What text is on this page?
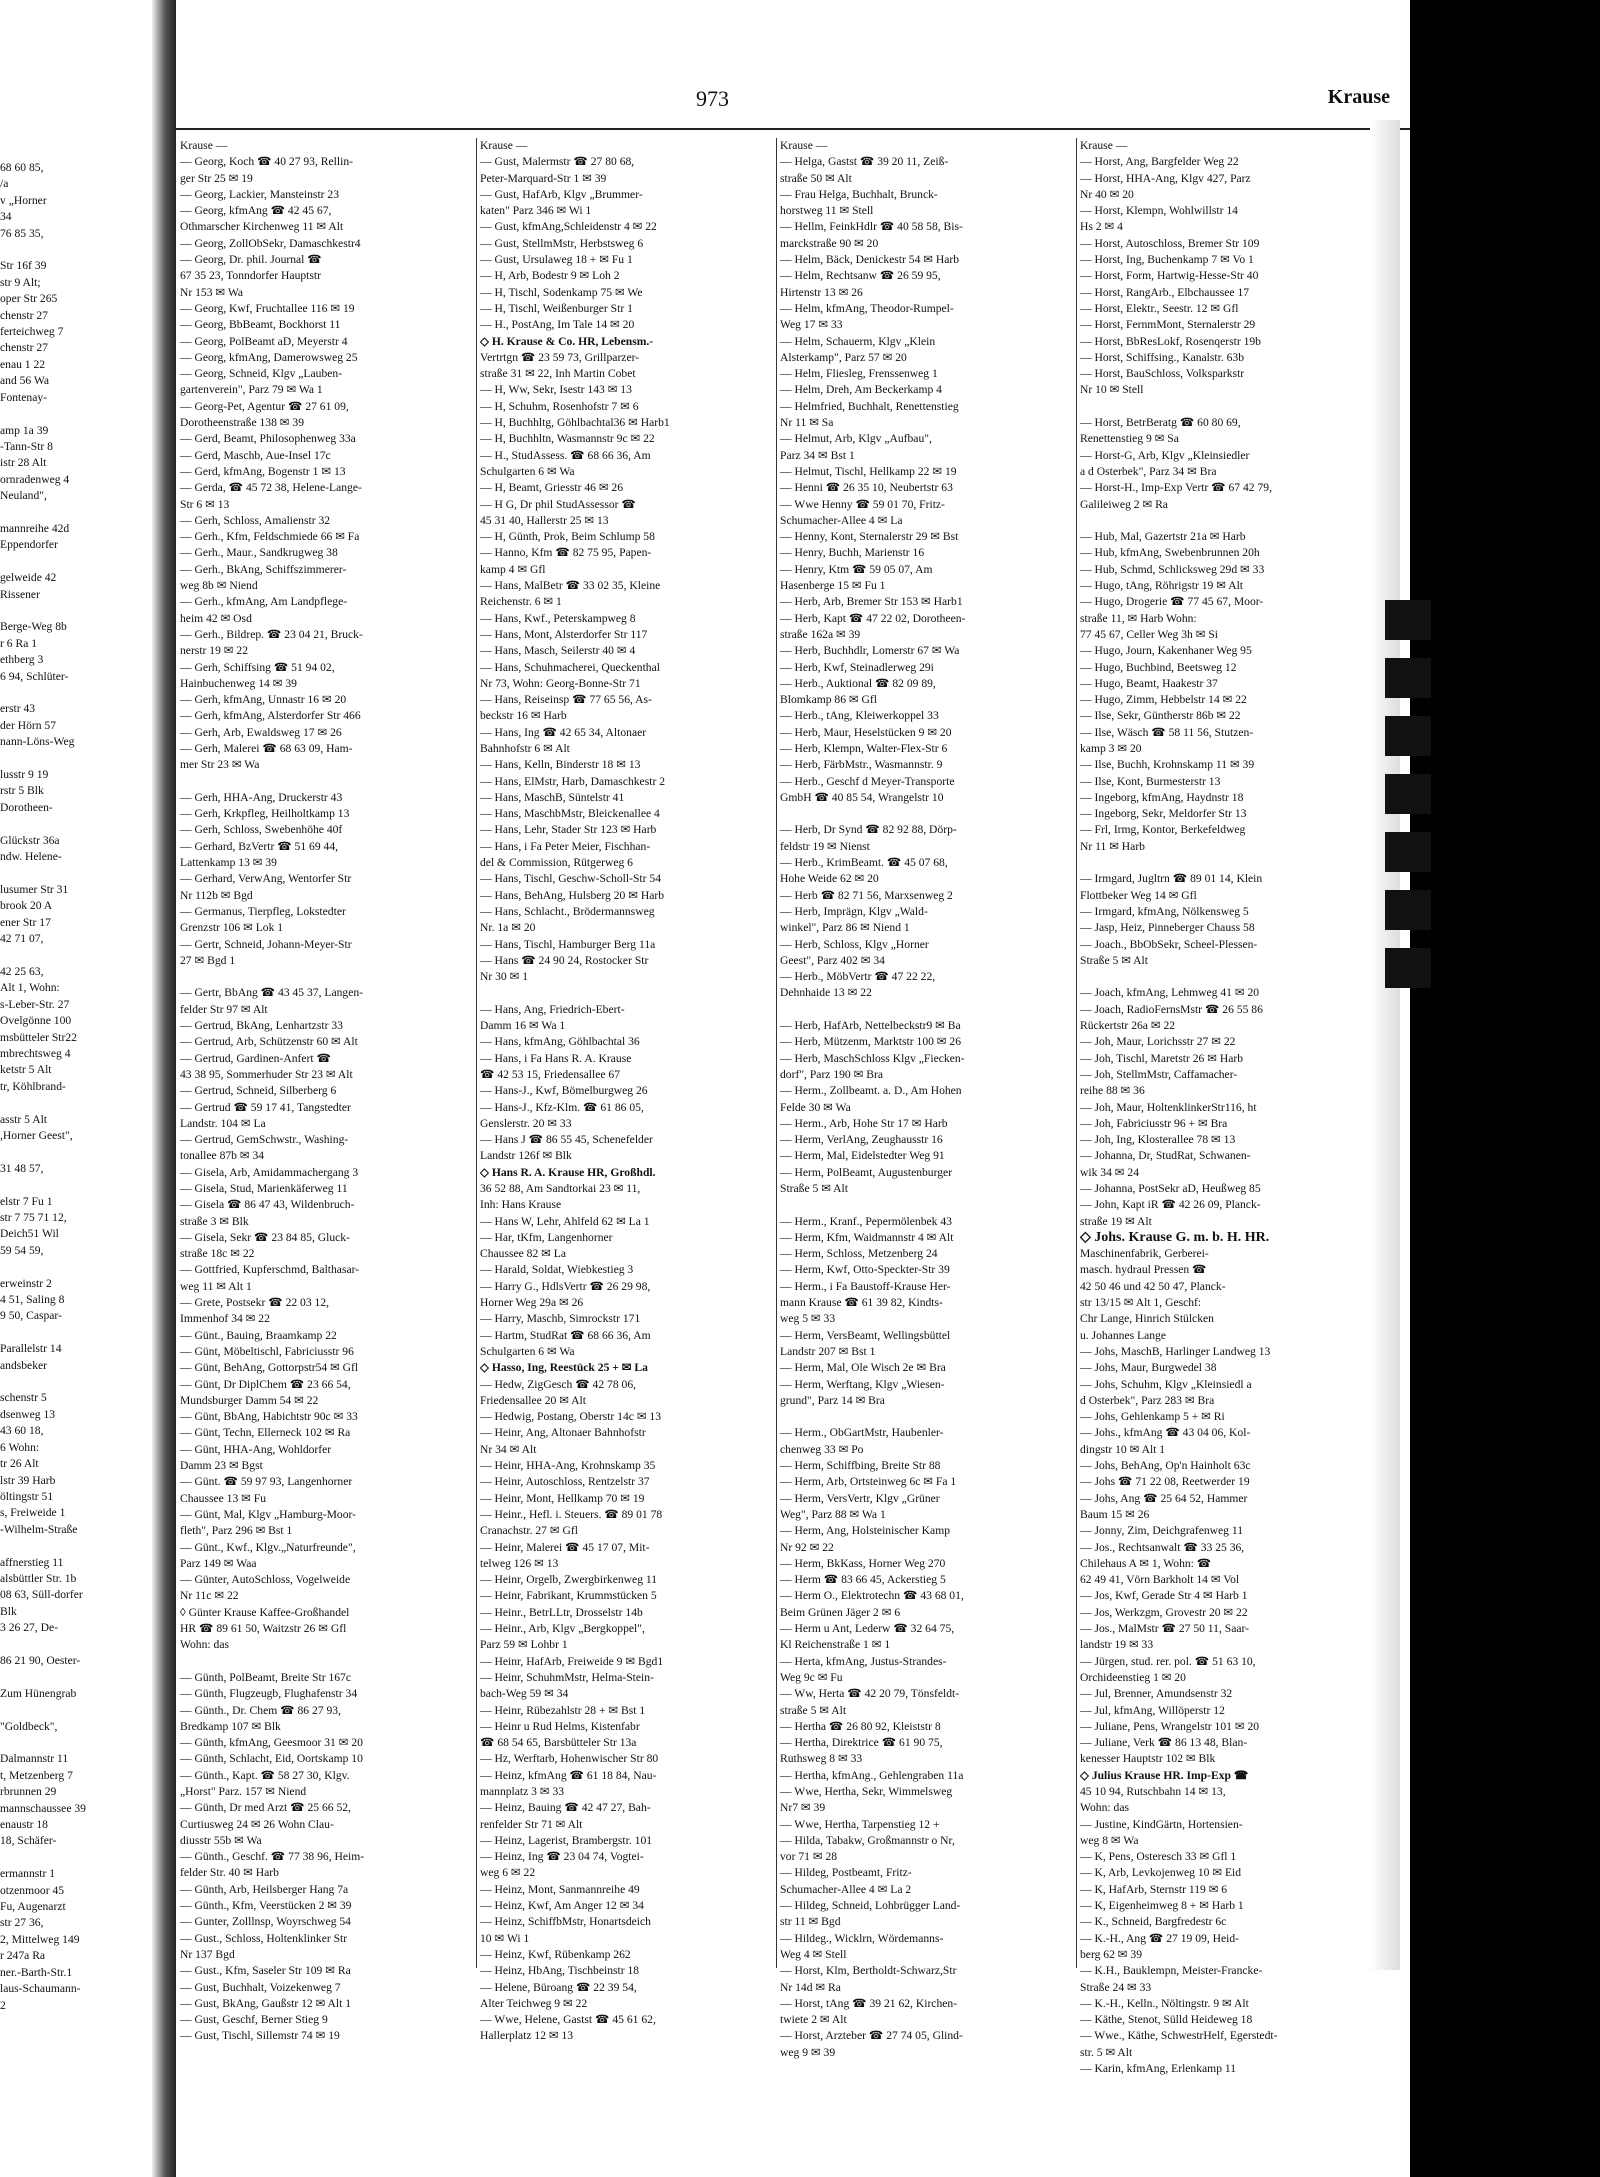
68 60 85,
/a
v „Horner
34
76 85 35,

Str 16f 39
str 9 Alt;
oper Str 265
chenstr 27
ferteichweg 7
chenstr 27
enau 1 22
and 56 Wa
Fontenay-

amp 1a 39
-Tann-Str 8
istr 28 Alt
ornradenweg 4
Neuland",

mannreihe 42d
Eppendorfer

gelweide 42
Rissener

Berge-Weg 8b
r 6 Ra 1
ethberg 3
6 94, Schlüter-

erstr 43
der Hörn 57
nann-Löns-Weg

lusstr 9 19
rstr 5 Blk
Dorotheen-

Glückstr 36a
ndw. Helene-

lusumer Str 31
brook 20 A
ener Str 17
42 71 07,

42 25 63,
Alt 1, Wohn:
s-Leber-Str. 27
Ovelgönne 100
msbütteler Str22
mbrechtsweg 4
ketstr 5 Alt
tr, Köhlbrand-

asstr 5 Alt
,Horner Geest",

31 48 57,

elstr 7 Fu 1
str 7 75 71 12,
Deich51 Wil
59 54 59,

erweinstr 2
4 51, Saling 8
9 50, Caspar-

Parallelstr 14
andsbeker

schenstr 5
dsenweg 13
43 60 18,
6 Wohn:
tr 26 Alt
lstr 39 Harb
öltingstr 51
s, Freiweide 1
-Wilhelm-Straße

affnerstieg 11
alsbüttler Str. 1b
08 63, Süll-dorfer
Blk
3 26 27, De-

86 21 90, Oester-

Zum Hünengrab

"Goldbeck",

Dalmannstr 11
t, Metzenberg 7
rbrunnen 29
mannschaussee 39
enaustr 18
18, Schäfer-

ermannstr 1
otzenmoor 45
Fu, Augenarzt
str 27 36,
2, Mittelweg 149
r 247a Ra
ner.-Barth-Str.1
laus-Schaumann-
2
973	Krause
Krause —
— Georg, Koch ☎ 40 27 93, Rellin-
ger Str 25 ✉ 19
— Georg, Lackier, Mansteinstr 23
— Georg, kfmAng ☎ 42 45 67,
Othmarscher Kirchenweg 11 ✉ Alt
— Georg, ZollObSekr, Damaschkestr4
— Georg, Dr. phil. Journal ☎
67 35 23, Tonndorfer Hauptstr
Nr 153 ✉ Wa
— Georg, Kwf, Fruchtallee 116 ✉ 19
— Georg, BbBeamt, Bockhorst 11
— Georg, PolBeamt aD, Meyerstr 4
— Georg, kfmAng, Damerowsweg 25
— Georg, Schneid, Klgv „Lauben-
gartenverein", Parz 79 ✉ Wa 1
— Georg-Pet, Agentur ☎ 27 61 09,
Dorotheenstraße 138 ✉ 39
— Gerd, Beamt, Philosophenweg 33a
— Gerd, Maschb, Aue-Insel 17c
— Gerd, kfmAng, Bogenstr 1 ✉ 13
— Gerda, ☎ 45 72 38, Helene-Lange-
Str 6 ✉ 13
— Gerh, Schloss, Amalienstr 32
— Gerh., Kfm, Feldschmiede 66 ✉ Fa
— Gerh., Maur., Sandkrugweg 38
— Gerh., BkAng, Schiffszimmerer-
weg 8b ✉ Niend
— Gerh., kfmAng, Am Landpflege-
heim 42 ✉ Osd
— Gerh., Bildrep. ☎ 23 04 21, Bruck-
nerstr 19 ✉ 22
— Gerh, Schiffsing ☎ 51 94 02,
Hainbuchenweg 14 ✉ 39
— Gerh, kfmAng, Unnastr 16 ✉ 20
— Gerh, kfmAng, Alsterdorfer Str 466
— Gerh, Arb, Ewaldsweg 17 ✉ 26
— Gerh, Malerei ☎ 68 63 09, Ham-
mer Str 23 ✉ Wa

— Gerh, HHA-Ang, Druckerstr 43
— Gerh, Krkpfleg, Heilholtkamp 13
— Gerh, Schloss, Swebenhöhe 40f
— Gerhard, BzVertr ☎ 51 69 44,
Lattenkamp 13 ✉ 39
— Gerhard, VerwAng, Wentorfer Str
Nr 112b ✉ Bgd
— Germanus, Tierpfleg, Lokstedter
Grenzstr 106 ✉ Lok 1
— Gertr, Schneid, Johann-Meyer-Str
27 ✉ Bgd 1

— Gertr, BbAng ☎ 43 45 37, Langen-
felder Str 97 ✉ Alt
— Gertrud, BkAng, Lenhartzstr 33
— Gertrud, Arb, Schützenstr 60 ✉ Alt
— Gertrud, Gardinen-Anfert ☎
43 38 95, Sommerhuder Str 23 ✉ Alt
— Gertrud, Schneid, Silberberg 6
— Gertrud ☎ 59 17 41, Tangstedter
Landstr. 104 ✉ La
— Gertrud, GemSchwstr., Washing-
tonallee 87b ✉ 34
— Gisela, Arb, Amidammachergang 3
— Gisela, Stud, Marienkäferweg 11
— Gisela ☎ 86 47 43, Wildenbruch-
straße 3 ✉ Blk
— Gisela, Sekr ☎ 23 84 85, Gluck-
straße 18c ✉ 22
— Gottfried, Kupferschmd, Balthasar-
weg 11 ✉ Alt 1
— Grete, Postsekr ☎ 22 03 12,
Immenhof 34 ✉ 22
— Günt., Bauing, Braamkamp 22
— Günt, Möbeltischl, Fabriciusstr 96
— Günt, BehAng, Gottorpstr54 ✉ Gfl
— Günt, Dr DiplChem ☎ 23 66 54,
Mundsburger Damm 54 ✉ 22
— Günt, BbAng, Habichtstr 90c ✉ 33
— Günt, Techn, Ellerneck 102 ✉ Ra
— Günt, HHA-Ang, Wohldorfer
Damm 23 ✉ Bgst
— Günt. ☎ 59 97 93, Langenhorner
Chaussee 13 ✉ Fu
— Günt, Mal, Klgv „Hamburg-Moor-
fleth", Parz 296 ✉ Bst 1
— Günt., Kwf., Klgv.„Naturfreunde",
Parz 149 ✉ Waa
— Günter, AutoSchloss, Vogelweide
Nr 11c ✉ 22
◊ Günter Krause Kaffee-Großhandel
HR ☎ 89 61 50, Waitzstr 26 ✉ Gfl
Wohn: das

— Günth, PolBeamt, Breite Str 167c
— Günth, Flugzeugb, Flughafenstr 34
— Günth., Dr. Chem ☎ 86 27 93,
Bredkamp 107 ✉ Blk
— Günth, kfmAng, Geesmoor 31 ✉ 20
— Günth, Schlacht, Eid, Oortskamp 10
— Günth., Kapt. ☎ 58 27 30, Klgv.
„Horst" Parz. 157 ✉ Niend
— Günth, Dr med Arzt ☎ 25 66 52,
Curtiusweg 24 ✉ 26 Wohn Clau-
diusstr 55b ✉ Wa
— Günth., Geschf. ☎ 77 38 96, Heim-
felder Str. 40 ✉ Harb
— Günth, Arb, Heilsberger Hang 7a
— Günth., Kfm, Veerstücken 2 ✉ 39
— Gunter, Zolllnsp, Woyrschweg 54
— Gust., Schloss, Holtenklinker Str
Nr 137 Bgd
— Gust., Kfm, Saseler Str 109 ✉ Ra
— Gust, Buchhalt, Voizekenweg 7
— Gust, BkAng, Gaußstr 12 ✉ Alt 1
— Gust, Geschf, Berner Stieg 9
— Gust, Tischl, Sillemstr 74 ✉ 19
Krause —
— Gust, Malermstr ☎ 27 80 68,
Peter-Marquard-Str 1 ✉ 39
— Gust, HafArb, Klgv „Brummer-
katen" Parz 346 ✉ Wi 1
— Gust, kfmAng,Schleidenstr 4 ✉ 22
— Gust, StellmMstr, Herbstsweg 6
— Gust, Ursulaweg 18 + ✉ Fu 1
— H, Arb, Bodestr 9 ✉ Loh 2
— H, Tischl, Sodenkamp 75 ✉ We
— H, Tischl, Weißenburger Str 1
— H., PostAng, Im Tale 14 ✉ 20
◇ H. Krause & Co. HR, Lebensm.-
Vertrtgn ☎ 23 59 73, Grillparzer-
straße 31 ✉ 22, Inh Martin Cobet
— H, Ww, Sekr, Isestr 143 ✉ 13
— H, Schuhm, Rosenhofstr 7 ✉ 6
— H, Buchhltg, Göhlbachtal36 ✉ Harb1
— H, Buchhltn, Wasmannstr 9c ✉ 22
— H., StudAssess. ☎ 68 66 36, Am
Schulgarten 6 ✉ Wa
— H, Beamt, Griesstr 46 ✉ 26
— H G, Dr phil StudAssessor ☎
45 31 40, Hallerstr 25 ✉ 13
— H, Günth, Prok, Beim Schlump 58
— Hanno, Kfm ☎ 82 75 95, Papen-
kamp 4 ✉ Gfl
— Hans, MalBetr ☎ 33 02 35, Kleine
Reichenstr. 6 ✉ 1
— Hans, Kwf., Peterskampweg 8
— Hans, Mont, Alsterdorfer Str 117
— Hans, Masch, Seilerstr 40 ✉ 4
— Hans, Schuhmacherei, Queckenthal
Nr 73, Wohn: Georg-Bonne-Str 71
— Hans, Reiseinsp ☎ 77 65 56, As-
beckstr 16 ✉ Harb
— Hans, Ing ☎ 42 65 34, Altonaer
Bahnhofstr 6 ✉ Alt
— Hans, Kelln, Binderstr 18 ✉ 13
— Hans, ElMstr, Harb, Damaschkestr 2
— Hans, MaschB, Süntelstr 41
— Hans, MaschbMstr, Bleickenallee 4
— Hans, Lehr, Stader Str 123 ✉ Harb
— Hans, i Fa Peter Meier, Fischhan-
del & Commission, Rütgerweg 6
— Hans, Tischl, Geschw-Scholl-Str 54
— Hans, BehAng, Hulsberg 20 ✉ Harb
— Hans, Schlacht., Brödermannsweg
Nr. 1a ✉ 20
— Hans, Tischl, Hamburger Berg 11a
— Hans ☎ 24 90 24, Rostocker Str
Nr 30 ✉ 1

— Hans, Ang, Friedrich-Ebert-
Damm 16 ✉ Wa 1
— Hans, kfmAng, Göhlbachtal 36
— Hans, i Fa Hans R. A. Krause
☎ 42 53 15, Friedensallee 67
— Hans-J., Kwf, Bömelburgweg 26
— Hans-J., Kfz-Klm. ☎ 61 86 05,
Genslerstr. 20 ✉ 33
— Hans J ☎ 86 55 45, Schenefelder
Landstr 126f ✉ Blk
◇ Hans R. A. Krause HR, Großhdl.
36 52 88, Am Sandtorkai 23 ✉ 11,
Inh: Hans Krause
— Hans W, Lehr, Ahlfeld 62 ✉ La 1
— Har, tKfm, Langenhorner
Chaussee 82 ✉ La
— Harald, Soldat, Wiebkestieg 3
— Harry G., HdlsVertr ☎ 26 29 98,
Horner Weg 29a ✉ 26
— Harry, Maschb, Simrockstr 171
— Hartm, StudRat ☎ 68 66 36, Am
Schulgarten 6 ✉ Wa
◇ Hasso, Ing, Reestück 25 + ✉ La
— Hedw, ZigGesch ☎ 42 78 06,
Friedensallee 20 ✉ Alt
— Hedwig, Postang, Oberstr 14c ✉ 13
— Heinr, Ang, Altonaer Bahnhofstr
Nr 34 ✉ Alt
— Heinr, HHA-Ang, Krohnskamp 35
— Heinr, Autoschloss, Rentzelstr 37
— Heinr, Mont, Hellkamp 70 ✉ 19
— Heinr., Hefl. i. Steuers. ☎ 89 01 78
Cranachstr. 27 ✉ Gfl
— Heinr, Malerei ☎ 45 17 07, Mit-
telweg 126 ✉ 13
— Heinr, Orgelb, Zwergbirkenweg 11
— Heinr, Fabrikant, Krummstücken 5
— Heinr., BetrLLtr, Drosselstr 14b
— Heinr., Arb, Klgv „Bergkoppel",
Parz 59 ✉ Lohbr 1
— Heinr, HafArb, Freiweide 9 ✉ Bgd1
— Heinr, SchuhmMstr, Helma-Stein-
bach-Weg 59 ✉ 34
— Heinr, Rübezahlstr 28 + ✉ Bst 1
— Heinr u Rud Helms, Kistenfabr
☎ 68 54 65, Barsbütteler Str 13a
— Hz, Werftarb, Hohenwischer Str 80
— Heinz, kfmAng ☎ 61 18 84, Nau-
mannplatz 3 ✉ 33
— Heinz, Bauing ☎ 42 47 27, Bah-
renfelder Str 71 ✉ Alt
— Heinz, Lagerist, Brambergstr. 101
— Heinz, Ing ☎ 23 04 74, Vogtei-
weg 6 ✉ 22
— Heinz, Mont, Sanmannreihe 49
— Heinz, Kwf, Am Anger 12 ✉ 34
— Heinz, SchiffbMstr, Honartsdeich
10 ✉ Wi 1
— Heinz, Kwf, Rübenkamp 262
— Heinz, HbAng, Tischbeinstr 18
— Helene, Büroang ☎ 22 39 54,
Alter Teichweg 9 ✉ 22
— Wwe, Helene, Gastst ☎ 45 61 62,
Hallerplatz 12 ✉ 13
Krause —
— Helga, Gastst ☎ 39 20 11, Zeiß-
straße 50 ✉ Alt
— Frau Helga, Buchhalt, Brunck-
horstweg 11 ✉ Stell
— Hellm, FeinkHdlr ☎ 40 58 58, Bis-
marckstraße 90 ✉ 20
— Helm, Bäck, Denickestr 54 ✉ Harb
— Helm, Rechtsanw ☎ 26 59 95,
Hirtenstr 13 ✉ 26
— Helm, kfmAng, Theodor-Rumpel-
Weg 17 ✉ 33
— Helm, Schauerm, Klgv „Klein
Alsterkamp", Parz 57 ✉ 20
— Helm, Fliesleg, Frenssenweg 1
— Helm, Dreh, Am Beckerkamp 4
— Helmfried, Buchhalt, Renettenstieg
Nr 11 ✉ Sa
— Helmut, Arb, Klgv „Aufbau",
Parz 34 ✉ Bst 1
— Helmut, Tischl, Hellkamp 22 ✉ 19
— Henni ☎ 26 35 10, Neubertstr 63
— Wwe Henny ☎ 59 01 70, Fritz-
Schumacher-Allee 4 ✉ La
— Henny, Kont, Sternalerstr 29 ✉ Bst
— Henry, Buchh, Marienstr 16
— Henry, Ktm ☎ 59 05 07, Am
Hasenberge 15 ✉ Fu 1
— Herb, Arb, Bremer Str 153 ✉ Harb1
— Herb, Kapt ☎ 47 22 02, Dorotheen-
straße 162a ✉ 39
— Herb, Buchhdlr, Lomerstr 67 ✉ Wa
— Herb, Kwf, Steinadlerweg 29i
— Herb., Auktional ☎ 82 09 89,
Blomkamp 86 ✉ Gfl
— Herb., tAng, Kleiwerkoppel 33
— Herb, Maur, Heselstücken 9 ✉ 20
— Herb, Klempn, Walter-Flex-Str 6
— Herb, FärbMstr., Wasmannstr. 9
— Herb., Geschf d Meyer-Transporte
GmbH ☎ 40 85 54, Wrangelstr 10

— Herb, Dr Synd ☎ 82 92 88, Dörp-
feldstr 19 ✉ Nienst
— Herb., KrimBeamt. ☎ 45 07 68,
Hohe Weide 62 ✉ 20
— Herb ☎ 82 71 56, Marxsenweg 2
— Herb, Imprägn, Klgv „Wald-
winkel", Parz 86 ✉ Niend 1
— Herb, Schloss, Klgv „Horner
Geest", Parz 402 ✉ 34
— Herb., MöbVertr ☎ 47 22 22,
Dehnhaide 13 ✉ 22

— Herb, HafArb, Nettelbeckstr9 ✉ Ba
— Herb, Mützenm, Marktstr 100 ✉ 26
— Herb, MaschSchloss Klgv „Fiecken-
dorf", Parz 190 ✉ Bra
— Herm., Zollbeamt. a. D., Am Hohen
Felde 30 ✉ Wa
— Herm., Arb, Hohe Str 17 ✉ Harb
— Herm, VerlAng, Zeughausstr 16
— Herm, Mal, Eidelstedter Weg 91
— Herm, PolBeamt, Augustenburger
Straße 5 ✉ Alt

— Herm., Kranf., Pepermölenbek 43
— Herm, Kfm, Waidmannstr 4 ✉ Alt
— Herm, Schloss, Metzenberg 24
— Herm, Kwf, Otto-Speckter-Str 39
— Herm., i Fa Baustoff-Krause Her-
mann Krause ☎ 61 39 82, Kindts-
weg 5 ✉ 33
— Herm, VersBeamt, Wellingsbüttel
Landstr 207 ✉ Bst 1
— Herm, Mal, Ole Wisch 2e ✉ Bra
— Herm, Werftang, Klgv „Wiesen-
grund", Parz 14 ✉ Bra

— Herm., ObGartMstr, Haubenler-
chenweg 33 ✉ Po
— Herm, Schiffbing, Breite Str 88
— Herm, Arb, Ortsteinweg 6c ✉ Fa 1
— Herm, VersVertr, Klgv „Grüner
Weg", Parz 88 ✉ Wa 1
— Herm, Ang, Holsteinischer Kamp
Nr 92 ✉ 22
— Herm, BkKass, Horner Weg 270
— Herm ☎ 83 66 45, Ackerstieg 5
— Herm O., Elektrotechn ☎ 43 68 01,
Beim Grünen Jäger 2 ✉ 6
— Herm u Ant, Lederw ☎ 32 64 75,
Kl Reichenstraße 1 ✉ 1
— Herta, kfmAng, Justus-Strandes-
Weg 9c ✉ Fu
— Ww, Herta ☎ 42 20 79, Tönsfeldt-
straße 5 ✉ Alt
— Hertha ☎ 26 80 92, Kleiststr 8
— Hertha, Direktrice ☎ 61 90 75,
Ruthsweg 8 ✉ 33
— Hertha, kfmAng., Gehlengraben 11a
— Wwe, Hertha, Sekr, Wimmelsweg
Nr7 ✉ 39
— Wwe, Hertha, Tarpenstieg 12 +
— Hilda, Tabakw, Großmannstr o Nr,
vor 71 ✉ 28
— Hildeg, Postbeamt, Fritz-
Schumacher-Allee 4 ✉ La 2
— Hildeg, Schneid, Lohbrügger Land-
str 11 ✉ Bgd
— Hildeg., Wicklrn, Wördemanns-
Weg 4 ✉ Stell
— Horst, Klm, Bertholdt-Schwarz,Str
Nr 14d ✉ Ra
— Horst, tAng ☎ 39 21 62, Kirchen-
twiete 2 ✉ Alt
— Horst, Arzteber ☎ 27 74 05, Glind-
weg 9 ✉ 39
Krause —
— Horst, Ang, Bargfelder Weg 22
— Horst, HHA-Ang, Klgv 427, Parz
Nr 40 ✉ 20
— Horst, Klempn, Wohlwillstr 14
Hs 2 ✉ 4
— Horst, Autoschloss, Bremer Str 109
— Horst, Ing, Buchenkamp 7 ✉ Vo 1
— Horst, Form, Hartwig-Hesse-Str 40
— Horst, RangArb., Elbchaussee 17
— Horst, Elektr., Seestr. 12 ✉ Gfl
— Horst, FernmMont, Sternalerstr 29
— Horst, BbResLokf, Rosenqerstr 19b
— Horst, Schiffsing., Kanalstr. 63b
— Horst, BauSchloss, Volksparkstr
Nr 10 ✉ Stell

— Horst, BetrBeratg ☎ 60 80 69,
Renettenstieg 9 ✉ Sa
— Horst-G, Arb, Klgv „Kleinsiedler
a d Osterbek", Parz 34 ✉ Bra
— Horst-H., Imp-Exp Vertr ☎ 67 42 79,
Galileiweg 2 ✉ Ra

— Hub, Mal, Gazertstr 21a ✉ Harb
— Hub, kfmAng, Swebenbrunnen 20h
— Hub, Schmd, Schlicksweg 29d ✉ 33
— Hugo, tAng, Röhrigstr 19 ✉ Alt
— Hugo, Drogerie ☎ 77 45 67, Moor-
straße 11, ✉ Harb Wohn:
77 45 67, Celler Weg 3h ✉ Si
— Hugo, Journ, Kakenhaner Weg 95
— Hugo, Buchbind, Beetsweg 12
— Hugo, Beamt, Haakestr 37
— Hugo, Zimm, Hebbelstr 14 ✉ 22
— Ilse, Sekr, Güntherstr 86b ✉ 22
— Ilse, Wäsch ☎ 58 11 56, Stutzen-
kamp 3 ✉ 20
— Ilse, Buchh, Krohnskamp 11 ✉ 39
— Ilse, Kont, Burmesterstr 13
— Ingeborg, kfmAng, Haydnstr 18
— Ingeborg, Sekr, Meldorfer Str 13
— Frl, Irmg, Kontor, Berkefeldweg
Nr 11 ✉ Harb

— Irmgard, Jugltrn ☎ 89 01 14, Klein
Flottbeker Weg 14 ✉ Gfl
— Irmgard, kfmAng, Nölkensweg 5
— Jasp, Heiz, Pinneberger Chauss 58
— Joach., BbObSekr, Scheel-Plessen-
Straße 5 ✉ Alt

— Joach, kfmAng, Lehmweg 41 ✉ 20
— Joach, RadioFernsMstr ☎ 26 55 86
Rückertstr 26a ✉ 22
— Joh, Maur, Lorichsstr 27 ✉ 22
— Joh, Tischl, Maretstr 26 ✉ Harb
— Joh, StellmMstr, Caffamacher-
reihe 88 ✉ 36
— Joh, Maur, HoltenklinkerStr116, ht
— Joh, Fabriciusstr 96 + ✉ Bra
— Joh, Ing, Klosterallee 78 ✉ 13
— Johanna, Dr, StudRat, Schwanen-
wik 34 ✉ 24
— Johanna, PostSekr aD, Heußweg 85
— John, Kapt iR ☎ 42 26 09, Planck-
straße 19 ✉ Alt
◇ Johs. Krause G. m. b. H. HR.
Maschinenfabrik, Gerberei-
masch. hydraul Pressen ☎
42 50 46 und 42 50 47, Planck-
str 13/15 ✉ Alt 1, Geschf:
Chr Lange, Hinrich Stülcken
u. Johannes Lange
— Johs, MaschB, Harlinger Landweg 13
— Johs, Maur, Burgwedel 38
— Johs, Schuhm, Klgv „Kleinsiedl a
d Osterbek", Parz 283 ✉ Bra
— Johs, Gehlenkamp 5 + ✉ Ri
— Johs., kfmAng ☎ 43 04 06, Kol-
dingstr 10 ✉ Alt 1
— Johs, BehAng, Op'n Hainholt 63c
— Johs ☎ 71 22 08, Reetwerder 19
— Johs, Ang ☎ 25 64 52, Hammer
Baum 15 ✉ 26
— Jonny, Zim, Deichgrafenweg 11
— Jos., Rechtsanwalt ☎ 33 25 36,
Chilehaus A ✉ 1, Wohn: ☎
62 49 41, Vörn Barkholt 14 ✉ Vol
— Jos, Kwf, Gerade Str 4 ✉ Harb 1
— Jos, Werkzgm, Grovestr 20 ✉ 22
— Jos., MalMstr ☎ 27 50 11, Saar-
landstr 19 ✉ 33
— Jürgen, stud. rer. pol. ☎ 51 63 10,
Orchideenstieg 1 ✉ 20
— Jul, Brenner, Amundsenstr 32
— Jul, kfmAng, Willöperstr 12
— Juliane, Pens, Wrangelstr 101 ✉ 20
— Juliane, Verk ☎ 86 13 48, Blan-
kenesser Hauptstr 102 ✉ Blk
◇ Julius Krause HR. Imp-Exp ☎
45 10 94, Rutschbahn 14 ✉ 13,
Wohn: das
— Justine, KindGärtn, Hortensien-
weg 8 ✉ Wa
— K, Pens, Osteresch 33 ✉ Gfl 1
— K, Arb, Levkojenweg 10 ✉ Eid
— K, HafArb, Sternstr 119 ✉ 6
— K, Eigenheimweg 8 + ✉ Harb 1
— K., Schneid, Bargfredestr 6c
— K.-H., Ang ☎ 27 19 09, Heid-
berg 62 ✉ 39
— K.H., Bauklempn, Meister-Francke-
Straße 24 ✉ 33
— K.-H., Kelln., Nöltingstr. 9 ✉ Alt
— Käthe, Stenot, Sülld Heideweg 18
— Wwe., Käthe, SchwestrHelf, Egerstedt-
str. 5 ✉ Alt
— Karin, kfmAng, Erlenkamp 11
